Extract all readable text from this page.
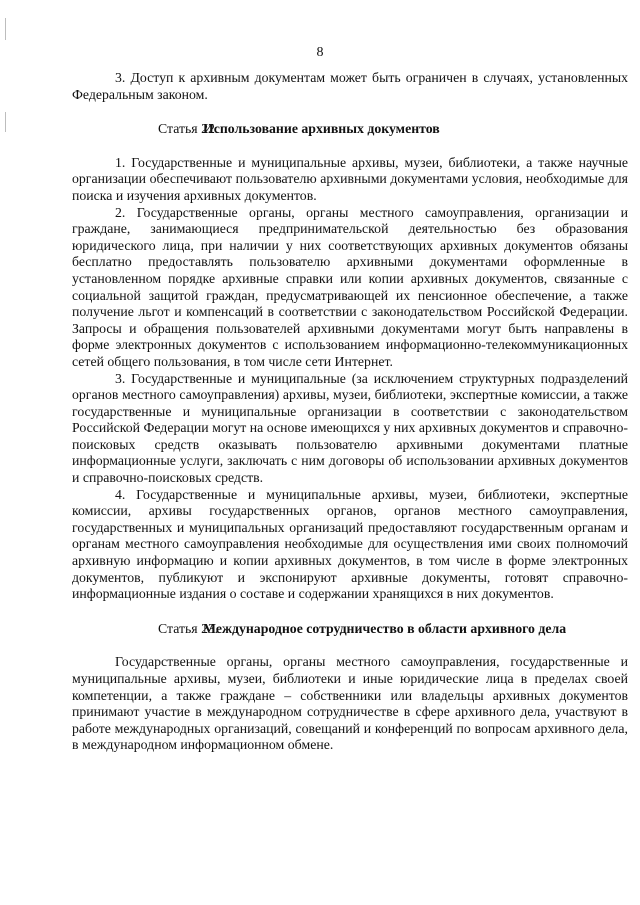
8

3. Доступ к архивным документам может быть ограничен в случаях, установленных Федеральным законом.

Статья 22.Использование архивных документов

1. Государственные и муниципальные архивы, музеи, библиотеки, а также научные организации обеспечивают пользователю архивными документами условия, необходимые для поиска и изучения архивных документов.

2. Государственные органы, органы местного самоуправления, организации и граждане, занимающиеся предпринимательской деятельностью без образования юридического лица, при наличии у них соответствующих архивных документов обязаны бесплатно предоставлять пользователю архивными документами оформленные в установленном порядке архивные справки или копии архивных документов, связанные с социальной защитой граждан, предусматривающей их пенсионное обеспечение, а также получение льгот и компенсаций в соответствии с законодательством Российской Федерации. Запросы и обращения пользователей архивными документами могут быть направлены в форме электронных документов с использованием информационно-телекоммуникационных сетей общего пользования, в том числе сети Интернет.

3. Государственные и муниципальные (за исключением структурных подразделений органов местного самоуправления) архивы, музеи, библиотеки, экспертные комиссии, а также государственные и муниципальные организации в соответствии с законодательством Российской Федерации могут на основе имеющихся у них архивных документов и справочно-поисковых средств оказывать пользователю архивными документами платные информационные услуги, заключать с ним договоры об использовании архивных документов и справочно-поисковых средств.

4. Государственные и муниципальные архивы, музеи, библиотеки, экспертные комиссии, архивы государственных органов, органов местного самоуправления, государственных и муниципальных организаций предоставляют государственным органам и органам местного самоуправления необходимые для осуществления ими своих полномочий архивную информацию и копии архивных документов, в том числе в форме электронных документов, публикуют и экспонируют архивные документы, готовят справочно-информационные издания о составе и содержании хранящихся в них документов.

Статья 23.Международное сотрудничество в области архивного дела

Государственные органы, органы местного самоуправления, государственные и муниципальные архивы, музеи, библиотеки и иные юридические лица в пределах своей компетенции, а также граждане – собственники или владельцы архивных документов принимают участие в международном сотрудничестве в сфере архивного дела, участвуют в работе международных организаций, совещаний и конференций по вопросам архивного дела, в международном информационном обмене.
